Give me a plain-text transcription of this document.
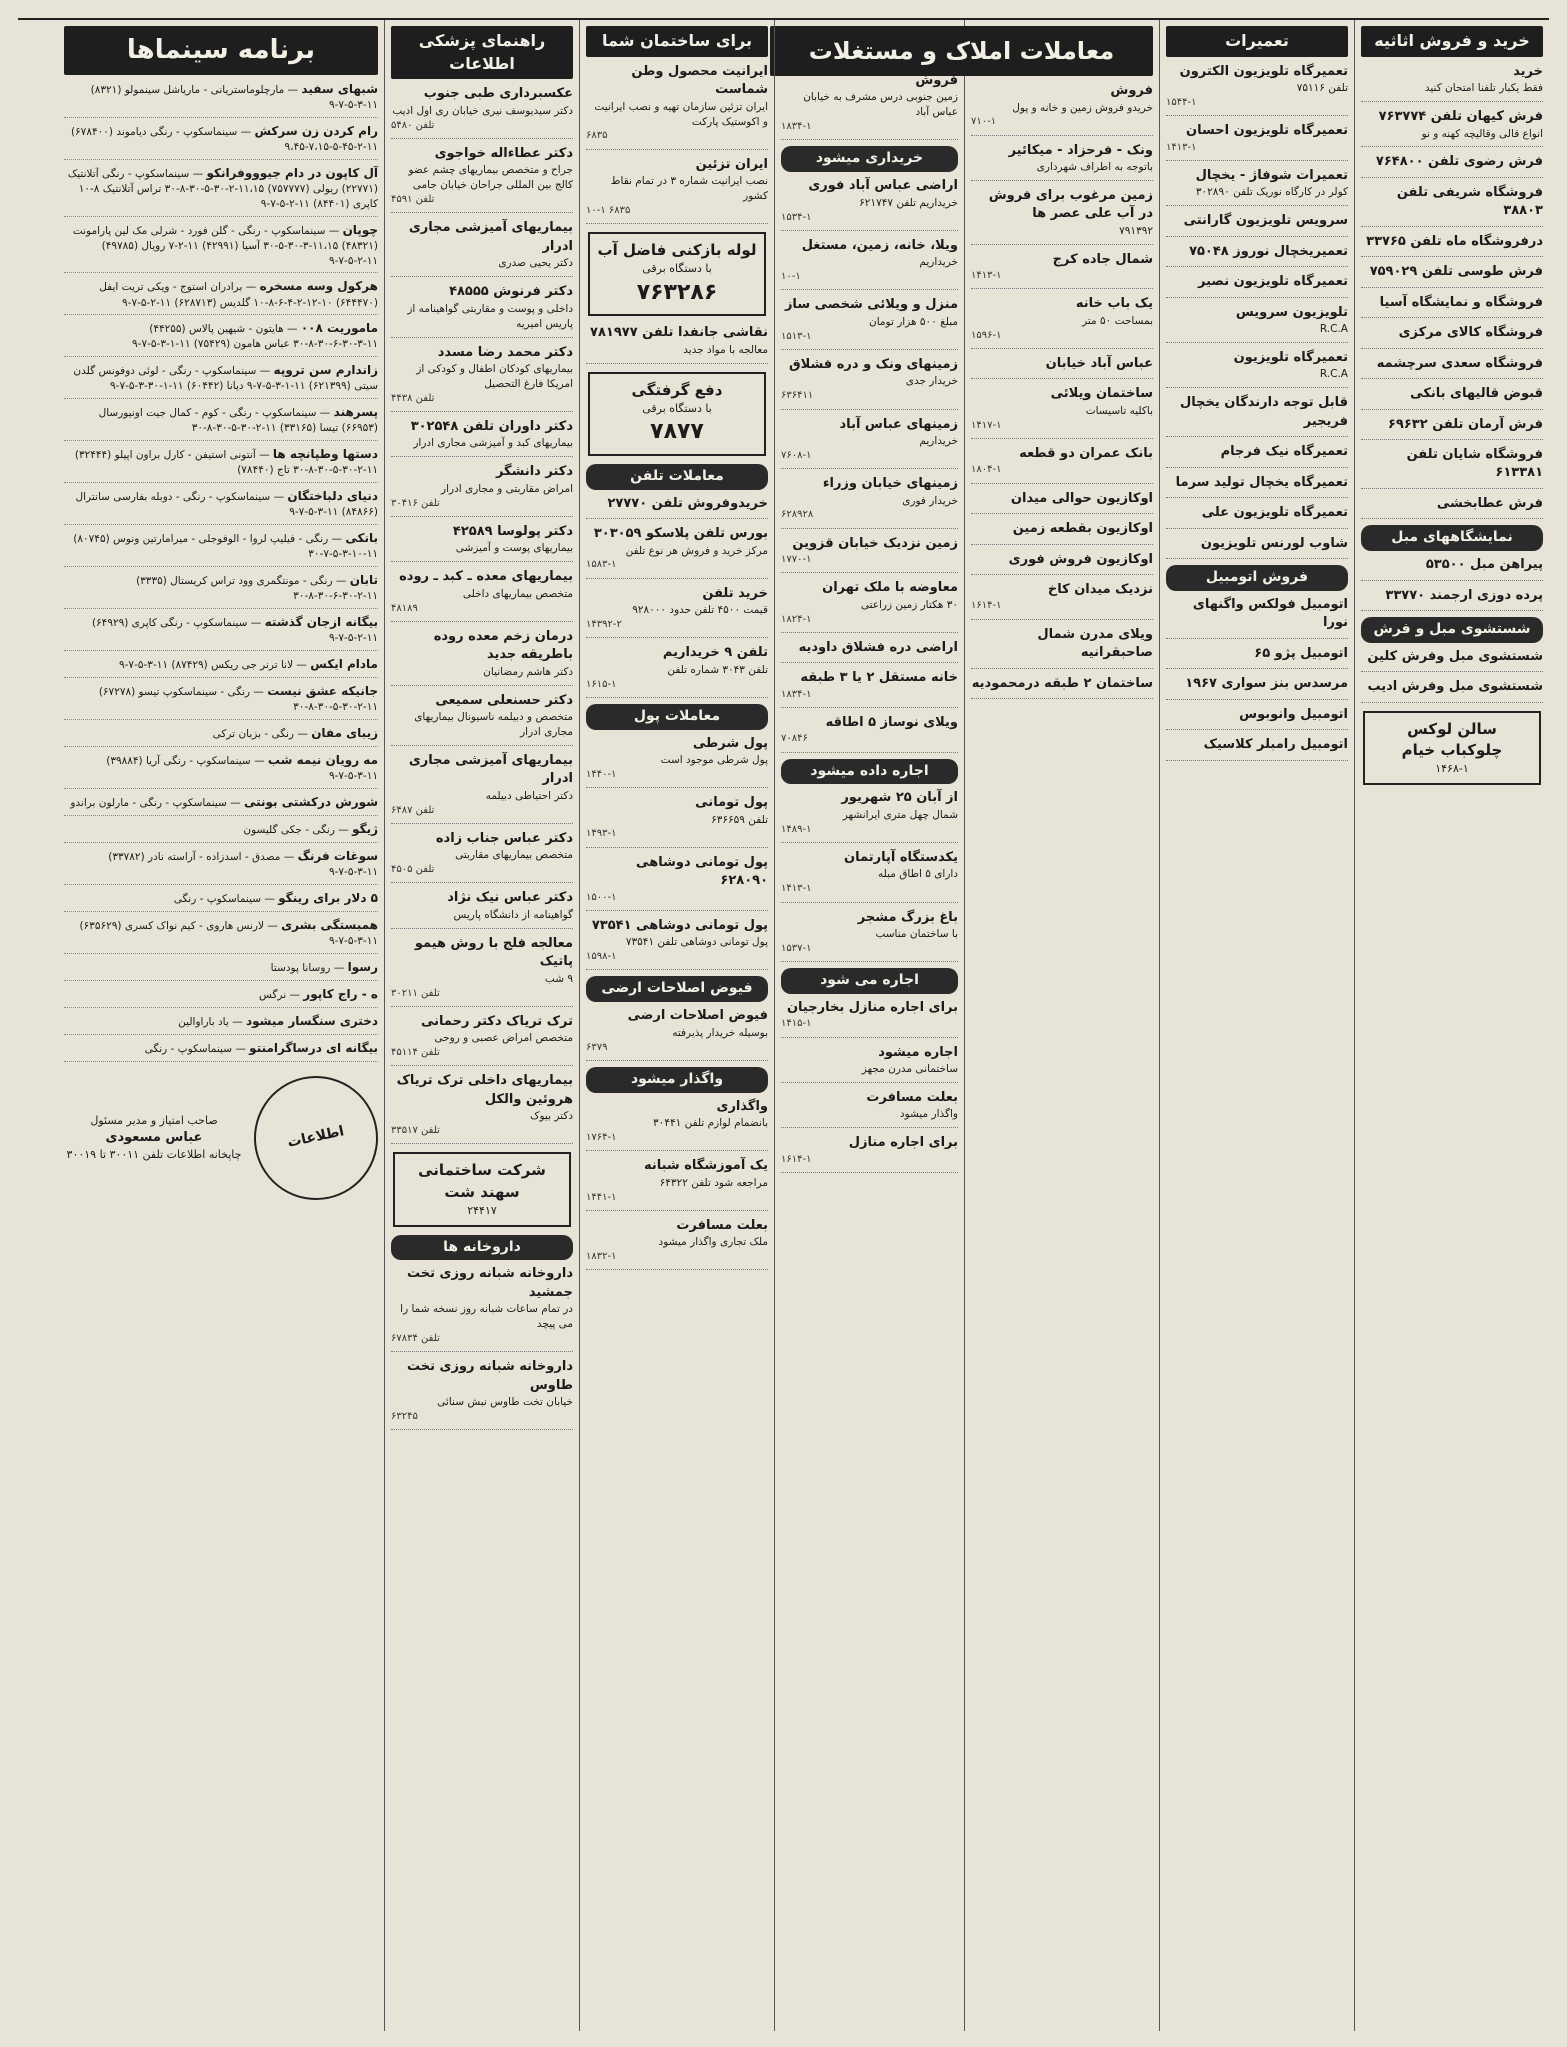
خرید و فروش اثاثیه
خرید
فقط یکبار تلفنا امتحان کنید
فرش کیهان تلفن ۷۶۳۷۷۴
انواع قالی وقالیچه کهنه و نو
فرش رضوی تلفن ۷۶۴۸۰۰
فروشگاه شریفی تلفن ۳۸۸۰۳
درفروشگاه ماه تلفن ۳۳۷۶۵
فرش طوسی تلفن ۷۵۹۰۲۹
فروشگاه و نمایشگاه آسیا
فروشگاه کالای مرکزی
فروشگاه سعدی سرچشمه
قبوض قالیهای بانکی
فرش آرمان تلفن ۶۹۶۳۲
فروشگاه شایان تلفن ۶۱۳۳۸۱
فرش عطابخشی
نمایشگاههای مبل
پیراهن مبل ۵۳۵۰۰
پرده دوزی ارجمند ۳۳۷۷۰
شستشوی مبل و فرش
شستشوی مبل وفرش کلین
شستشوی مبل وفرش ادیب
سالن لوکس
چلوکباب خیام
۱۴۶۸-۱
تعمیرات
تعمیرگاه تلویزیون الکترون
تلفن ۷۵۱۱۶
۱۵۴۴-۱
تعمیرگاه تلویزیون احسان
۱۴۱۳-۱
تعمیرات شوفاژ - یخچال
کولر در کارگاه نوریک تلفن ۳۰۲۸۹۰
سرویس تلویزیون گارانتی
تعمیریخچال نوروز ۷۵۰۴۸
تعمیرگاه تلویزیون نصیر
تلویزیون سرویس
R.C.A
تعمیرگاه تلویزیون
R.C.A
قابل توجه دارندگان یخچال فریجیر
تعمیرگاه نیک فرجام
تعمیرگاه یخچال تولید سرما
تعمیرگاه تلویزیون علی
شاوب لورنس تلویزیون
فروش اتومبیل
اتومبیل فولکس واگنهای نورا
اتومبیل پژو ۶۵
مرسدس بنز سواری ۱۹۶۷
اتومبیل وانوبوس
اتومبیل رامبلر کلاسیک
معاملات املاک و مستغلات
فروش
خریدو فروش زمین و خانه و پول
۷۱۰-۱
ونک - فرحزاد - میکائیر
باتوجه به اطراف شهرداری
زمین مرغوب برای فروش در آب علی عصر ها
۷۹۱۳۹۲
شمال جاده کرج
۱۴۱۳-۱
یک باب خانه
بمساحت ۵۰ متر
۱۵۹۶-۱
عباس آباد خیابان
ساختمان ویلائی
باکلیه تاسیسات
۱۴۱۷-۱
بانک عمران دو قطعه
۱۸۰۴-۱
اوکازیون حوالی میدان
اوکازیون بقطعه زمین
اوکازیون فروش فوری
نزدیک میدان کاخ
۱۶۱۴-۱
ویلای مدرن شمال صاحبقرانیه
ساختمان ۲ طبقه درمحمودیه
فروش
زمین جنوبی درس مشرف به خیابان عباس آباد
۱۸۳۴-۱
خریداری میشود
اراضی عباس آباد فوری
خریداریم تلفن ۶۲۱۷۴۷
۱۵۳۴-۱
ویلا، خانه، زمین، مستغل
خریداریم
۱۰-۱
منزل و ویلائی شخصی ساز
مبلغ ۵۰۰ هزار تومان
۱۵۱۳-۱
زمینهای ونک و دره فشلاق
خریدار جدی
۶۳۶۴۱۱
زمینهای عباس آباد
خریداریم
۷۶۰۸-۱
زمینهای خیابان وزراء
خریدار فوری
۶۲۸۹۲۸
زمین نزدیک خیابان قزوین
۱۷۷۰-۱
معاوضه با ملک تهران
۳۰ هکتار زمین زراعتی
۱۸۲۴-۱
اراضی دره فشلاق داودیه
خانه مستقل ۲ یا ۳ طبقه
۱۸۳۴-۱
ویلای نوساز ۵ اطاقه
۷۰۸۴۶
اجاره داده میشود
از آبان ۲۵ شهریور
شمال چهل متری ایرانشهر
۱۴۸۹-۱
یکدستگاه آپارتمان
دارای ۵ اطاق مبله
۱۴۱۳-۱
باغ بزرگ مشجر
با ساختمان مناسب
۱۵۳۷-۱
اجاره می شود
برای اجاره منازل بخارجیان
۱۴۱۵-۱
اجاره میشود
ساختمانی مدرن مجهز
بعلت مسافرت
واگذار میشود
برای اجاره منازل
۱۶۱۴-۱
برای ساختمان شما
ایرانیت محصول وطن شماست
ایران تزئین سازمان تهیه و نصب ایرانیت و اکوستیک پارکت
۶۸۳۵
ایران تزئین
نصب ایرانیت شماره ۳ در تمام نقاط کشور
۱۰-۱ ۶۸۳۵
لوله بازکنی فاضل آب
با دستگاه برقی
۷۶۳۲۸۶
نقاشی جانفدا تلفن ۷۸۱۹۷۷
معالجه با مواد جدید
دفع گرفتگی
با دستگاه برقی
۷۸۷۷
معاملات تلفن
خریدوفروش تلفن ۲۷۷۷۰
بورس تلفن پلاسکو ۳۰۳۰۵۹
مرکز خرید و فروش هر نوع تلفن
۱۵۸۳-۱
خرید تلفن
قیمت ۴۵۰۰ تلفن حدود ۹۲۸۰۰۰
۱۴۳۹۲-۲
تلفن ۹ خریداریم
تلفن ۳۰۴۳ شماره تلفن
۱۶۱۵-۱
معاملات پول
پول شرطی
پول شرطی موجود است
۱۴۴۰-۱
پول تومانی
تلفن ۶۳۶۶۵۹
۱۴۹۳-۱
پول تومانی دوشاهی ۶۲۸۰۹۰
۱۵۰۰-۱
پول تومانی دوشاهی ۷۳۵۴۱
پول تومانی دوشاهی تلفن ۷۳۵۴۱
۱۵۹۸-۱
فیوض اصلاحات ارضی
فیوض اصلاحات ارضی
بوسیله خریدار پذیرفته
۶۳۷۹
واگذار میشود
واگذاری
بانضمام لوازم تلفن ۳۰۴۴۱
۱۷۶۴-۱
یک آموزشگاه شبانه
مراجعه شود تلفن ۶۴۳۲۲
۱۴۴۱-۱
بعلت مسافرت
ملک تجاری واگذار میشود
۱۸۳۲-۱
راهنمای پزشکی اطلاعات
عکسبرداری طبی جنوب
دکتر سیدیوسف نیری خیابان ری اول ادیب
تلفن ۵۴۸۰
دکتر عطاءاله خواجوی
جراح و متخصص بیماریهای چشم عضو کالج بین المللی جراحان خیابان جامی
تلفن ۴۵۹۱
بیماریهای آمیزشی مجاری ادرار
دکتر یحیی صدری
دکتر فرنوش ۴۸۵۵۵
داخلی و پوست و مقاربتی گواهینامه از پاریس امیریه
دکتر محمد رضا مسدد
بیماریهای کودکان اطفال و کودکی از امریکا فارغ التحصیل
تلفن ۴۴۳۸
دکتر داوران تلفن ۳۰۲۵۴۸
بیماریهای کبد و آمیزشی مجاری ادرار
دکتر دانشگر
امراض مقاربتی و مجاری ادرار
تلفن ۳۰۴۱۶
دکتر پولوسا ۴۲۵۸۹
بیماریهای پوست و آمیزشی
بیماریهای معده ـ کبد ـ روده
متخصص بیماریهای داخلی
۴۸۱۸۹
درمان زخم معده روده باطریقه جدید
دکتر هاشم رمضانیان
دکتر حسنعلی سمیعی
متخصص و دبیلمه ناسیونال بیماریهای مجاری ادرار
بیماریهای آمیزشی مجاری ادرار
دکتر احتیاطی دبیلمه
تلفن ۶۴۸۷
دکتر عباس جناب زاده
متخصص بیماریهای مقاربتی
تلفن ۴۵۰۵
دکتر عباس نیک نژاد
گواهینامه از دانشگاه پاریس
معالجه فلج با روش هیمو پاتیک
۹ شب
تلفن ۳۰۲۱۱
ترک تریاک دکتر رحمانی
متخصص امراض عصبی و روحی
تلفن ۴۵۱۱۴
بیماریهای داخلی ترک تریاک هروئین والکل
دکتر بیوک
تلفن ۳۳۵۱۷
شرکت ساختمانی
سهند شت
۲۴۴۱۷
داروخانه ها
داروخانه شبانه روزی تخت جمشید
در تمام ساعات شبانه روز نسخه شما را می پیچد
تلفن ۶۷۸۳۴
داروخانه شبانه روزی تخت طاوس
خیابان تخت طاوس نبش سنائی
۶۳۲۴۵
برنامه سینماها

شبهای سفید — مارچلوماستریانی - ماریاشل سینمولو (۸۳۲۱) ۱۱-۳-۵-۷-۹

رام کردن زن سرکش — سینماسکوپ - رنگی دیاموند (۶۷۸۴۰۰) ۱۱-۲-۴۵-۵-۷،۱۵-۹،۴۵

آل کاپون در دام جیوووفرانکو — سینماسکوپ - رنگی آتلانتیک (۲۲۷۷۱) ریولی (۷۵۷۷۷۷) ۱۱،۱۵-۲-۳۰-۵-۳۰-۸-۳۰ تراس آتلانتیک ۸-۱۰ کاپری (۸۴۴۰۱) ۱۱-۲-۵-۷-۹

چوپان — سینماسکوپ - رنگی - گلن فورد - شرلی مک لین پارامونت (۴۸۳۲۱) ۱۱،۱۵-۳-۳۰-۵-۳۰ آسیا (۴۲۹۹۱) ۱۱-۲-۷ رویال (۴۹۷۸۵) ۱۱-۲-۵-۷-۹

هرکول وسه مسخره — برادران استوج - ویکی تریت ایفل (۶۴۴۴۷۰) ۱۰-۱۲-۲-۴-۶-۸-۱۰ گلدیس (۶۲۸۷۱۳) ۱۱-۲-۵-۷-۹

ماموریت ۰۰۸ — هایتون - شیهین پالاس (۴۴۲۵۵) ۱۱-۳-۳۰-۶-۳۰-۸-۳۰ عباس هامون (۷۵۴۲۹) ۱۱-۱-۳-۵-۷-۹

زاندارم سن تروپه — سینماسکوپ - رنگی - لوئی دوفونس گلدن سیتی (۶۲۱۳۹۹) ۱۱-۱-۳-۵-۷-۹ دیانا (۶۰۴۴۲) ۱۱-۱-۳۰-۳-۵-۷-۹

پسرهند — سینماسکوپ - رنگی - کوم - کمال جیت اونیورسال (۶۶۹۵۳) تیسا (۳۳۱۶۵) ۱۱-۲-۳۰-۵-۳۰-۸-۳۰

دستها وطپانچه ها — آنتونی استیفن - کارل براون اپیلو (۳۲۴۴۴) ۱۱-۲-۳۰-۵-۳۰-۸-۳۰ تاج (۷۸۴۴۰)

دنیای دلباختگان — سینماسکوپ - رنگی - دوبله بفارسی سانترال (۸۴۸۶۶) ۱۱-۳-۵-۷-۹

بانکی — رنگی - فیلیپ لروا - الوفوجلی - میرامارتین ونوس (۸۰۷۴۵) ۱۱-۱۰-۳-۵-۷-۳۰

تابان — رنگی - مونتگمری وود تراس کریستال (۳۳۳۵) ۱۱-۲-۳۰-۶-۳۰-۸-۳۰

بیگانه ازجان گذشته — سینماسکوپ - رنگی کاپری (۶۴۹۲۹) ۱۱-۲-۵-۷-۹

مادام ایکس — لانا ترنر جی ریکس (۸۷۴۲۹) ۱۱-۳-۵-۷-۹

جانیکه عشق نیست — رنگی - سینماسکوپ تیسو (۶۷۲۷۸) ۱۱-۲-۳۰-۵-۳۰-۸-۳۰

زیبای مفان — رنگی - بزبان ترکی

مه رویان نیمه شب — سینماسکوپ - رنگی آریا (۳۹۸۸۴) ۱۱-۳-۵-۷-۹

شورش درکشتی بونتی — سینماسکوپ - رنگی - مارلون براندو

ژیگو — رنگی - جکی گلیسون

سوغات فرنگ — مصدق - اسدزاده - آراسته نادر (۳۳۷۸۲) ۱۱-۳-۵-۷-۹

۵ دلار برای رینگو — سینماسکوپ - رنگی

همبستگی بشری — لارنس هاروی - کیم نواک کسری (۶۳۵۶۲۹) ۱۱-۳-۵-۷-۹

رسوا — روسانا پودستا

ه - راج کاپور — نرگس

دختری سنگسار میشود — یاد باراوالین

بیگانه ای درساگرامنتو — سینماسکوپ - رنگی

اطلاعات
صاحب امتیاز و مدیر مسئول
عباس مسعودی
چاپخانه اطلاعات تلفن ۳۰۰۱۱ تا ۳۰۰۱۹
